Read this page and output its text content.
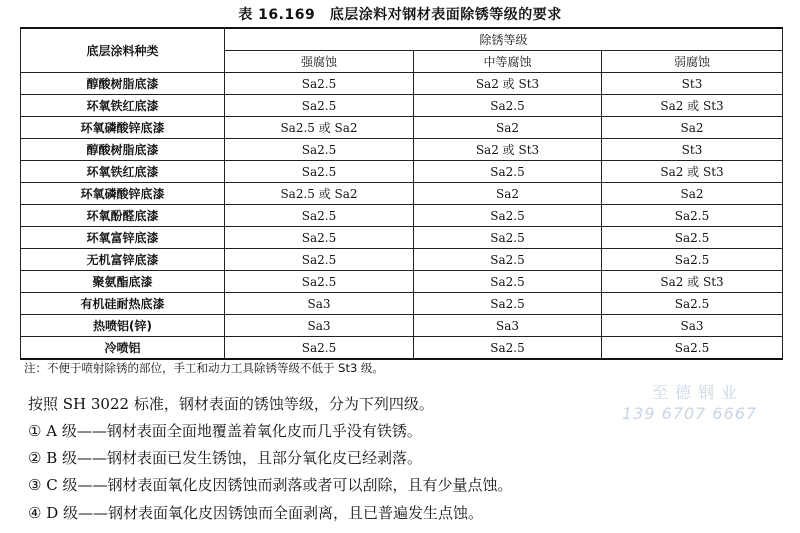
表 16.169　底层涂料对钢材表面除锈等级的要求
底层涂料种类	除锈等级		
	强腐蚀	中等腐蚀	弱腐蚀
醇酸树脂底漆	Sa2.5	Sa2 或 St3	St3
环氧铁红底漆	Sa2.5	Sa2.5	Sa2 或 St3
环氧磷酸锌底漆	Sa2.5 或 Sa2	Sa2	Sa2
醇酸树脂底漆	Sa2.5	Sa2 或 St3	St3
环氧铁红底漆	Sa2.5	Sa2.5	Sa2 或 St3
环氧磷酸锌底漆	Sa2.5 或 Sa2	Sa2	Sa2
环氧酚醛底漆	Sa2.5	Sa2.5	Sa2.5
环氧富锌底漆	Sa2.5	Sa2.5	Sa2.5
无机富锌底漆	Sa2.5	Sa2.5	Sa2.5
聚氨酯底漆	Sa2.5	Sa2.5	Sa2 或 St3
有机硅耐热底漆	Sa3	Sa2.5	Sa2.5
热喷铝(锌)	Sa3	Sa3	Sa3
冷喷铝	Sa2.5	Sa2.5	Sa2.5
注：不便于喷射除锈的部位，手工和动力工具除锈等级不低于 St3 级。
按照 SH 3022 标准，钢材表面的锈蚀等级，分为下列四级。
① A 级——钢材表面全面地覆盖着氧化皮而几乎没有铁锈。
② B 级——钢材表面已发生锈蚀，且部分氧化皮已经剥落。
③ C 级——钢材表面氧化皮因锈蚀而剥落或者可以刮除，且有少量点蚀。
④ D 级——钢材表面氧化皮因锈蚀而全面剥离，且已普遍发生点蚀。
至德钢业
139 6707 6667
